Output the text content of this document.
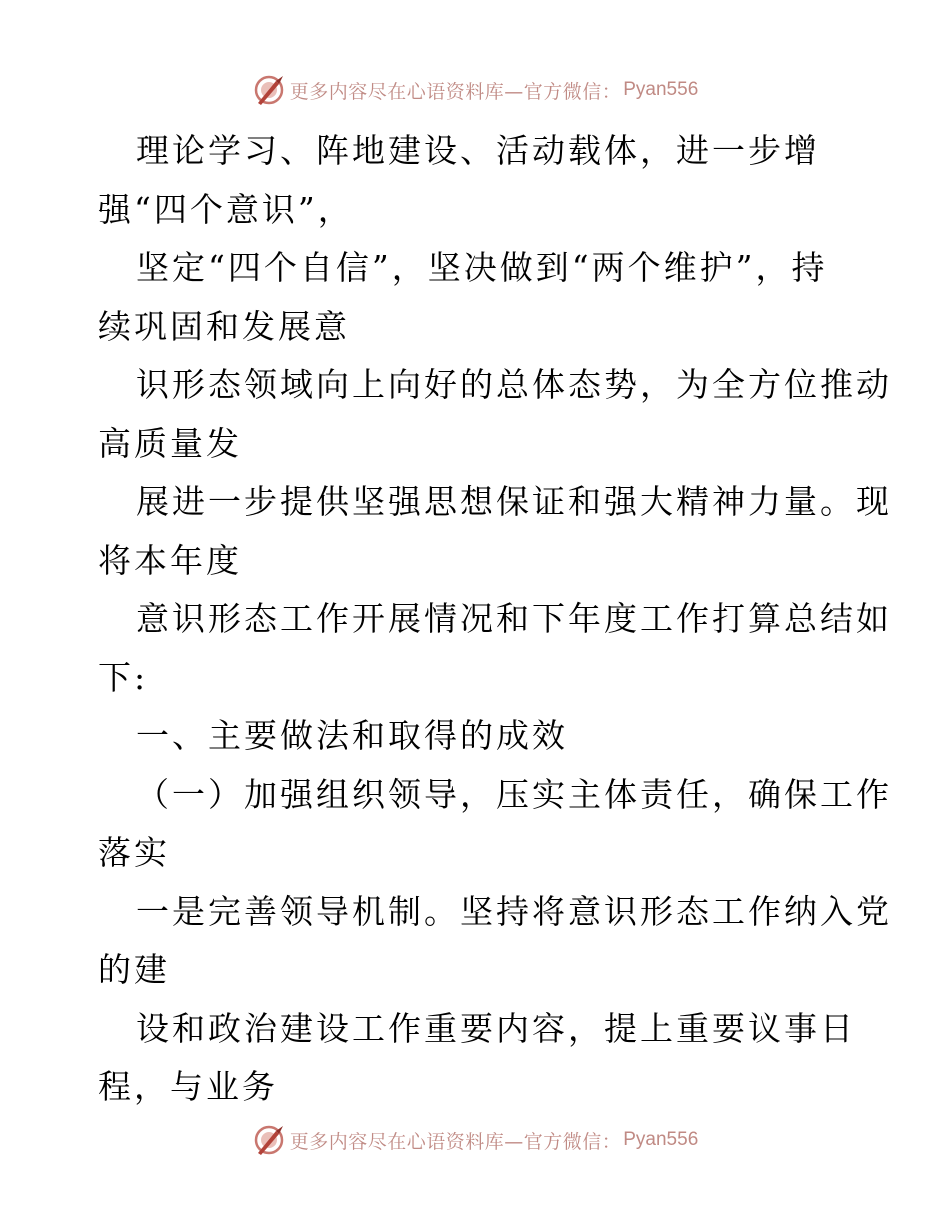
更多内容尽在心语资料库—官方微信： Pyan556
理论学习、阵地建设、活动载体，进一步增
强“四个意识”，
坚定“四个自信”，坚决做到“两个维护”，持
续巩固和发展意
识形态领域向上向好的总体态势，为全方位推动
高质量发
展进一步提供坚强思想保证和强大精神力量。现
将本年度
意识形态工作开展情况和下年度工作打算总结如
下:
一、主要做法和取得的成效
（一）加强组织领导，压实主体责任，确保工作
落实
一是完善领导机制。坚持将意识形态工作纳入党
的建
设和政治建设工作重要内容，提上重要议事日
程，与业务
更多内容尽在心语资料库—官方微信： Pyan556
